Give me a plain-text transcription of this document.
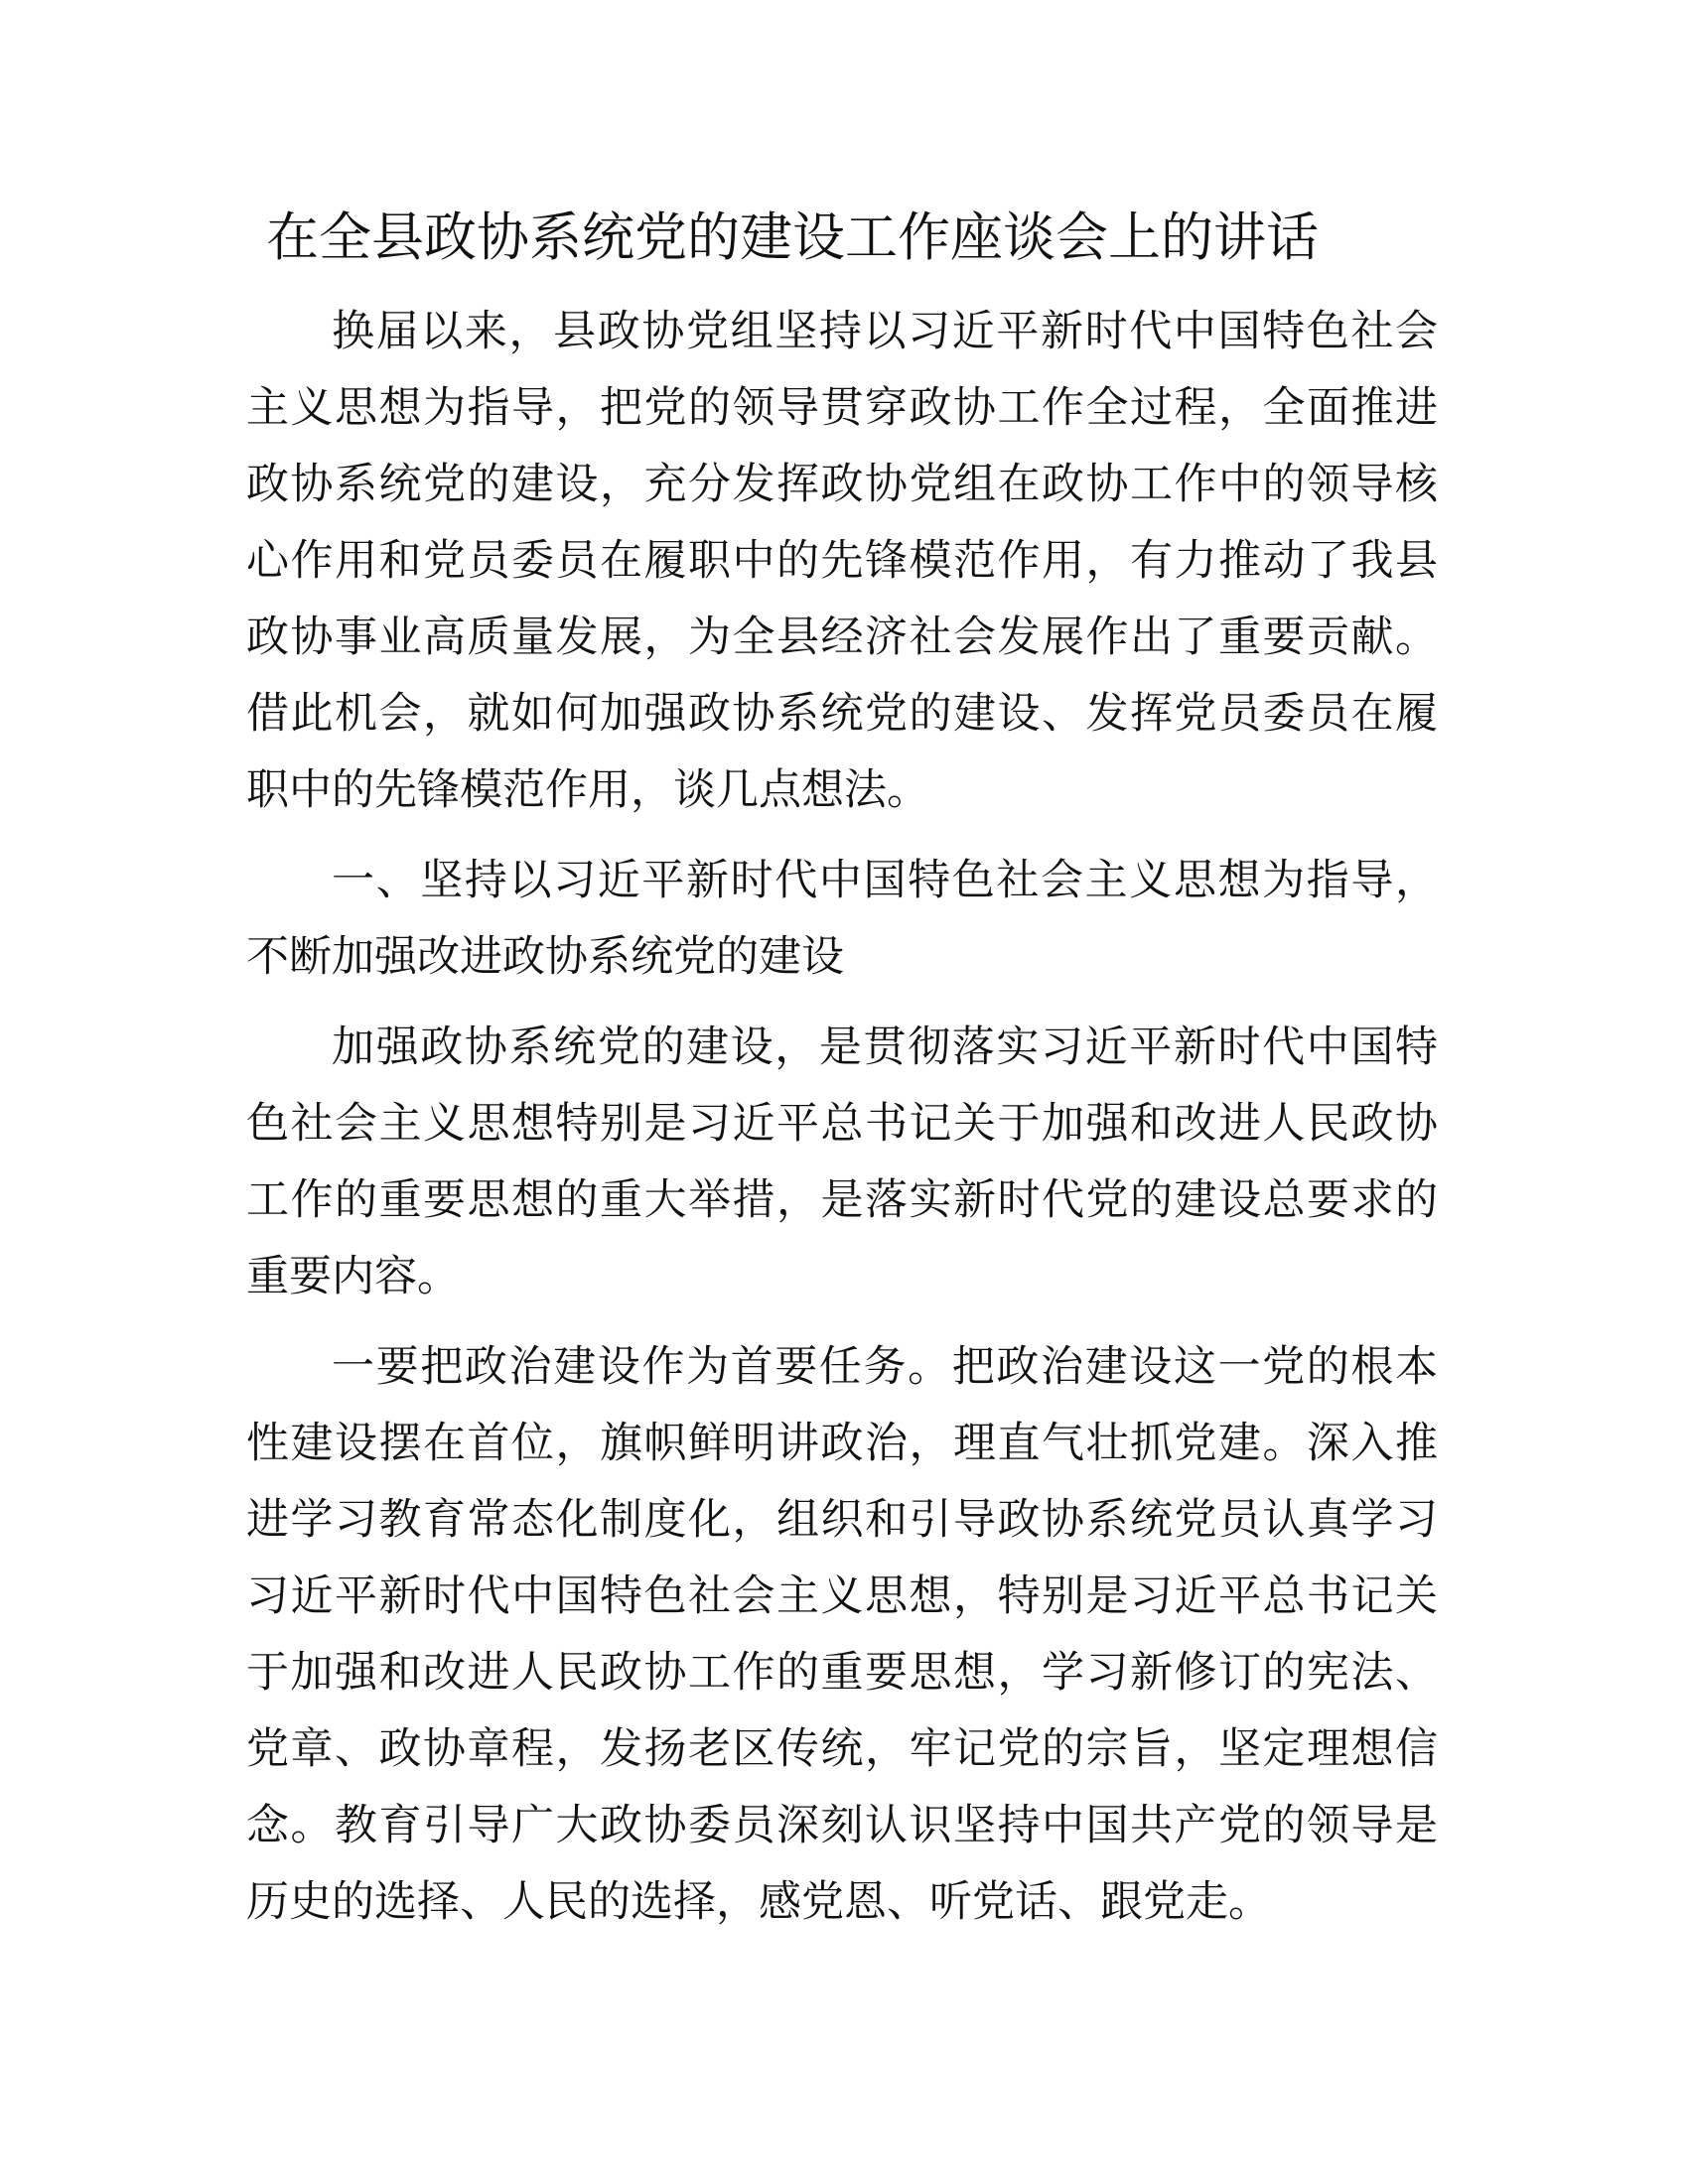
在全县政协系统党的建设工作座谈会上的讲话

换届以来，县政协党组坚持以习近平新时代中国特色社会主义思想为指导，把党的领导贯穿政协工作全过程，全面推进政协系统党的建设，充分发挥政协党组在政协工作中的领导核心作用和党员委员在履职中的先锋模范作用，有力推动了我县政协事业高质量发展，为全县经济社会发展作出了重要贡献。借此机会，就如何加强政协系统党的建设、发挥党员委员在履职中的先锋模范作用，谈几点想法。

一、坚持以习近平新时代中国特色社会主义思想为指导，不断加强改进政协系统党的建设

加强政协系统党的建设，是贯彻落实习近平新时代中国特色社会主义思想特别是习近平总书记关于加强和改进人民政协工作的重要思想的重大举措，是落实新时代党的建设总要求的重要内容。

一要把政治建设作为首要任务。把政治建设这一党的根本性建设摆在首位，旗帜鲜明讲政治，理直气壮抓党建。深入推进学习教育常态化制度化，组织和引导政协系统党员认真学习习近平新时代中国特色社会主义思想，特别是习近平总书记关于加强和改进人民政协工作的重要思想，学习新修订的宪法、党章、政协章程，发扬老区传统，牢记党的宗旨，坚定理想信念。教育引导广大政协委员深刻认识坚持中国共产党的领导是历史的选择、人民的选择，感党恩、听党话、跟党走。
